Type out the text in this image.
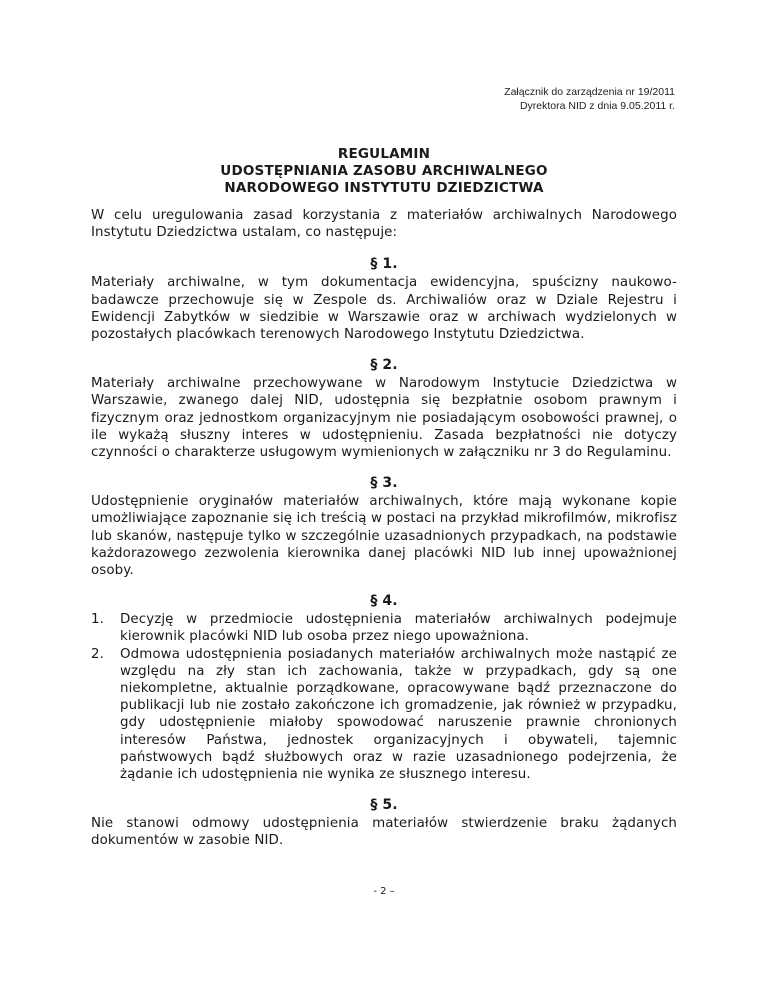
Załącznik do zarządzenia nr 19/2011
Dyrektora NID z dnia 9.05.2011 r.
REGULAMIN
UDOSTĘPNIANIA ZASOBU ARCHIWALNEGO
NARODOWEGO INSTYTUTU DZIEDZICTWA

W celu uregulowania zasad korzystania z materiałów archiwalnych Narodowego Instytutu Dziedzictwa ustalam, co następuje:

§ 1.

Materiały archiwalne, w tym dokumentacja ewidencyjna, spuścizny naukowo-badawcze przechowuje się w Zespole ds. Archiwaliów oraz w Dziale Rejestru i Ewidencji Zabytków w siedzibie w Warszawie oraz w archiwach wydzielonych w pozostałych placówkach terenowych Narodowego Instytutu Dziedzictwa.

§ 2.

Materiały archiwalne przechowywane w Narodowym Instytucie Dziedzictwa w Warszawie, zwanego dalej NID, udostępnia się bezpłatnie osobom prawnym i fizycznym oraz jednostkom organizacyjnym nie posiadającym osobowości prawnej, o ile wykażą słuszny interes w udostępnieniu. Zasada bezpłatności nie dotyczy czynności o charakterze usługowym wymienionych w załączniku nr 3 do Regulaminu.

§ 3.

Udostępnienie oryginałów materiałów archiwalnych, które mają wykonane kopie umożliwiające zapoznanie się ich treścią w postaci na przykład mikrofilmów, mikrofisz lub skanów, następuje tylko w szczególnie uzasadnionych przypadkach, na podstawie każdorazowego zezwolenia kierownika danej placówki NID lub innej upoważnionej osoby.

§ 4.
1. Decyzję w przedmiocie udostępnienia materiałów archiwalnych podejmuje kierownik placówki NID lub osoba przez niego upoważniona.
2. Odmowa udostępnienia posiadanych materiałów archiwalnych może nastąpić ze względu na zły stan ich zachowania, także w przypadkach, gdy są one niekompletne, aktualnie porządkowane, opracowywane bądź przeznaczone do publikacji lub nie zostało zakończone ich gromadzenie, jak również w przypadku, gdy udostępnienie miałoby spowodować naruszenie prawnie chronionych interesów Państwa, jednostek organizacyjnych i obywateli, tajemnic państwowych bądź służbowych oraz w razie uzasadnionego podejrzenia, że żądanie ich udostępnienia nie wynika ze słusznego interesu.
§ 5.

Nie stanowi odmowy udostępnienia materiałów stwierdzenie braku żądanych dokumentów w zasobie NID.

- 2 –
